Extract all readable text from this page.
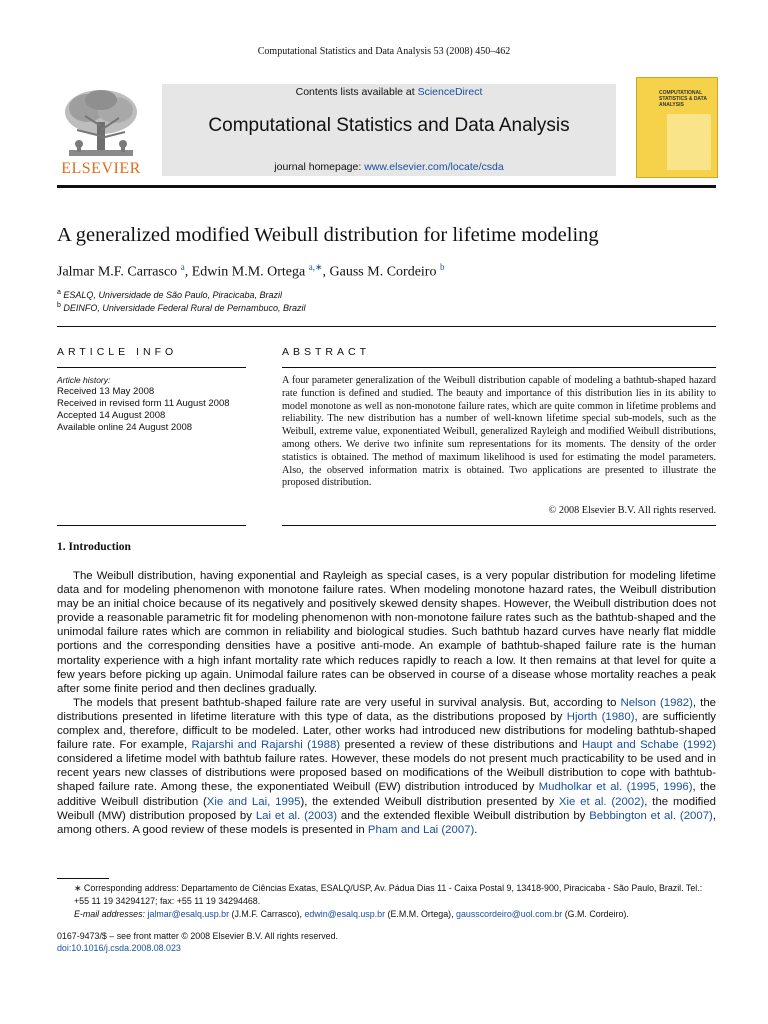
Computational Statistics and Data Analysis 53 (2008) 450–462
ELSEVIER
Contents lists available at ScienceDirect
Computational Statistics and Data Analysis
journal homepage: www.elsevier.com/locate/csda
COMPUTATIONAL STATISTICS & DATA ANALYSIS
A generalized modified Weibull distribution for lifetime modeling
Jalmar M.F. Carrasco $^a$, Edwin M.M. Ortega $^{a,∗}$, Gauss M. Cordeiro $^b$
$^a$ ESALQ, Universidade de São Paulo, Piracicaba, Brazil
$^b$ DEINFO, Universidade Federal Rural de Pernambuco, Brazil
ARTICLE INFO	ABSTRACT
Article history:
Received 13 May 2008
Received in revised form 11 August 2008
Accepted 14 August 2008
Available online 24 August 2008
A four parameter generalization of the Weibull distribution capable of modeling a bathtub-shaped hazard rate function is defined and studied. The beauty and importance of this distribution lies in its ability to model monotone as well as non-monotone failure rates, which are quite common in lifetime problems and reliability. The new distribution has a number of well-known lifetime special sub-models, such as the Weibull, extreme value, exponentiated Weibull, generalized Rayleigh and modified Weibull distributions, among others. We derive two infinite sum representations for its moments. The density of the order statistics is obtained. The method of maximum likelihood is used for estimating the model parameters. Also, the observed information matrix is obtained. Two applications are presented to illustrate the proposed distribution.
© 2008 Elsevier B.V. All rights reserved.
1. Introduction

The Weibull distribution, having exponential and Rayleigh as special cases, is a very popular distribution for modeling lifetime data and for modeling phenomenon with monotone failure rates. When modeling monotone hazard rates, the Weibull distribution may be an initial choice because of its negatively and positively skewed density shapes. However, the Weibull distribution does not provide a reasonable parametric fit for modeling phenomenon with non-monotone failure rates such as the bathtub-shaped and the unimodal failure rates which are common in reliability and biological studies. Such bathtub hazard curves have nearly flat middle portions and the corresponding densities have a positive anti-mode. An example of bathtub-shaped failure rate is the human mortality experience with a high infant mortality rate which reduces rapidly to reach a low. It then remains at that level for quite a few years before picking up again. Unimodal failure rates can be observed in course of a disease whose mortality reaches a peak after some finite period and then declines gradually.

The models that present bathtub-shaped failure rate are very useful in survival analysis. But, according to Nelson (1982), the distributions presented in lifetime literature with this type of data, as the distributions proposed by Hjorth (1980), are sufficiently complex and, therefore, difficult to be modeled. Later, other works had introduced new distributions for modeling bathtub-shaped failure rate. For example, Rajarshi and Rajarshi (1988) presented a review of these distributions and Haupt and Schabe (1992) considered a lifetime model with bathtub failure rates. However, these models do not present much practicability to be used and in recent years new classes of distributions were proposed based on modifications of the Weibull distribution to cope with bathtub-shaped failure rate. Among these, the exponentiated Weibull (EW) distribution introduced by Mudholkar et al. (1995, 1996), the additive Weibull distribution (Xie and Lai, 1995), the extended Weibull distribution presented by Xie et al. (2002), the modified Weibull (MW) distribution proposed by Lai et al. (2003) and the extended flexible Weibull distribution by Bebbington et al. (2007), among others. A good review of these models is presented in Pham and Lai (2007).

∗ Corresponding address: Departamento de Ciências Exatas, ESALQ/USP, Av. Pádua Dias 11 - Caixa Postal 9, 13418-900, Piracicaba - São Paulo, Brazil. Tel.: +55 11 19 34294127; fax: +55 11 19 34294468.
E-mail addresses: jalmar@esalq.usp.br (J.M.F. Carrasco), edwin@esalq.usp.br (E.M.M. Ortega), gausscordeiro@uol.com.br (G.M. Cordeiro).
0167-9473/$ – see front matter © 2008 Elsevier B.V. All rights reserved.
doi:10.1016/j.csda.2008.08.023
